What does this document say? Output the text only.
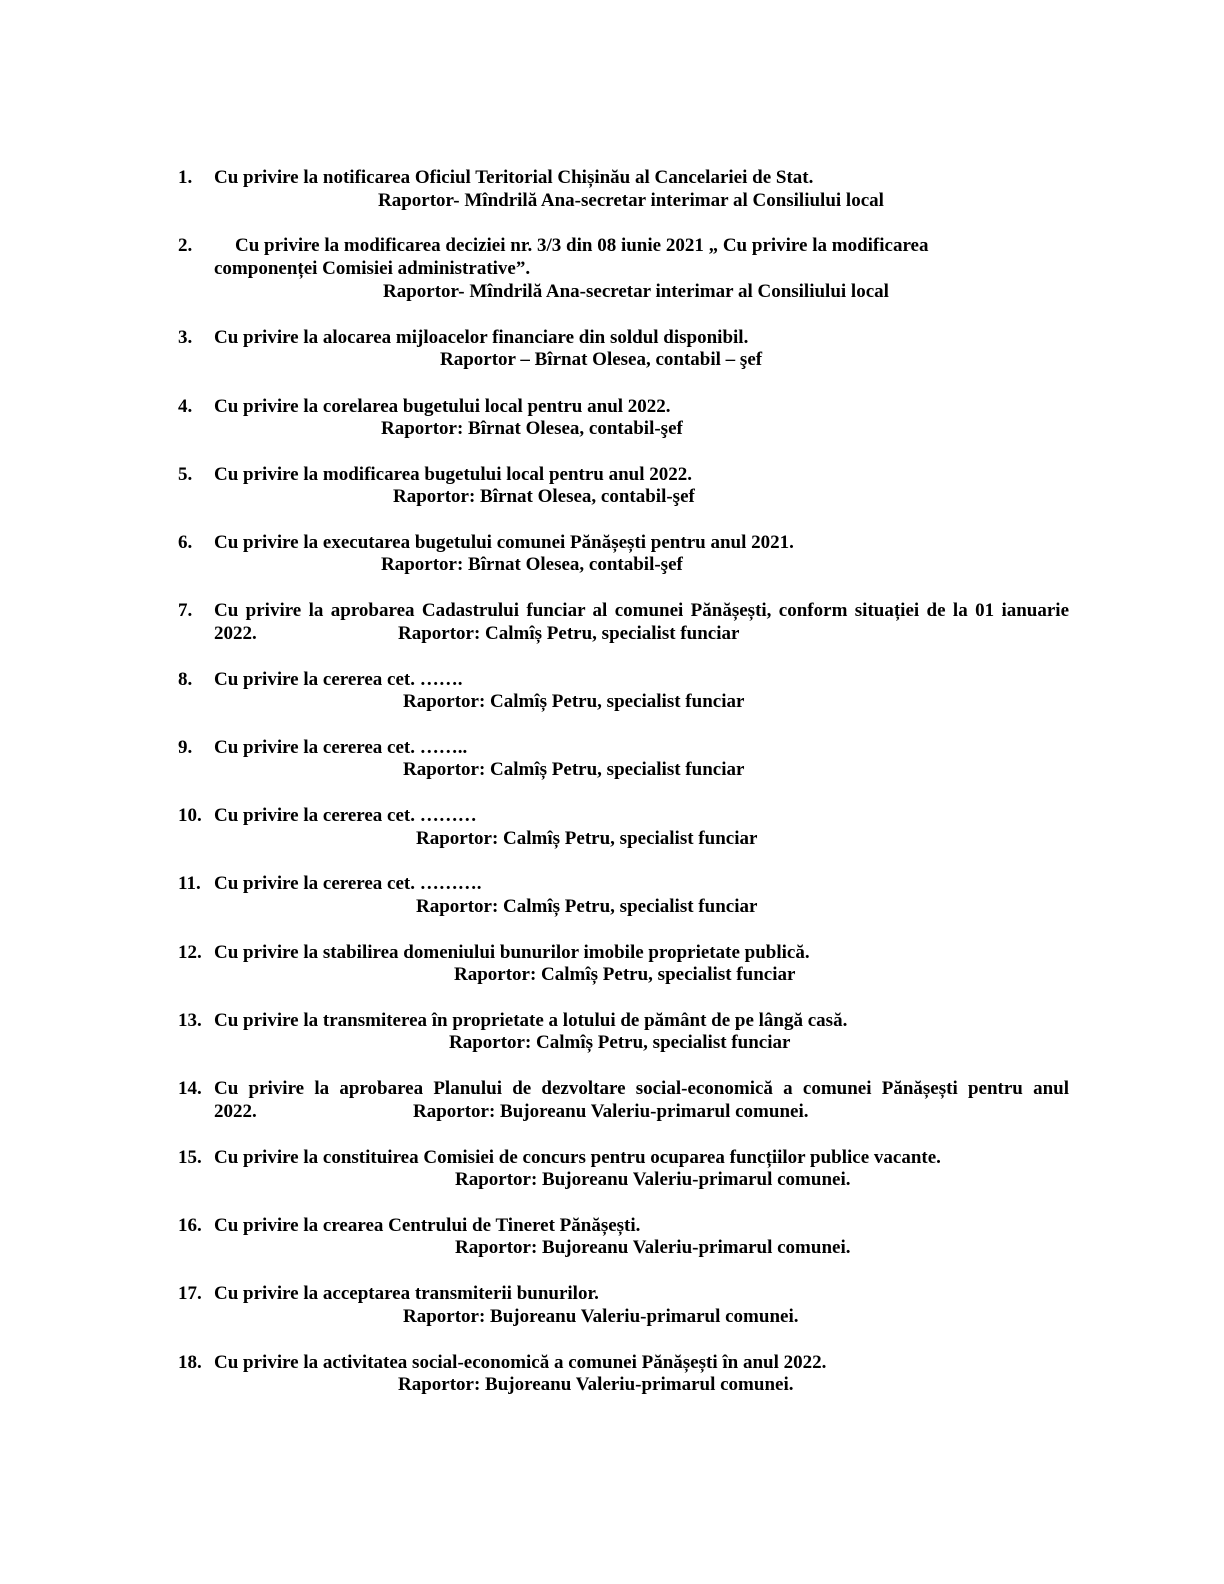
1. Cu privire la notificarea Oficiul Teritorial Chișinău al Cancelariei de Stat.
Raportor- Mîndrilă Ana-secretar interimar al Consiliului local
2. Cu privire la modificarea deciziei nr. 3/3 din 08 iunie 2021 „ Cu privire la modificarea
componenței Comisiei administrative”.
Raportor- Mîndrilă Ana-secretar interimar al Consiliului local
3. Cu privire la alocarea mijloacelor financiare din soldul disponibil.
Raportor – Bîrnat Olesea, contabil – şef
4. Cu privire la corelarea bugetului local pentru anul 2022.
Raportor: Bîrnat Olesea, contabil-şef
5. Cu privire la modificarea bugetului local pentru anul 2022.
Raportor: Bîrnat Olesea, contabil-şef
6. Cu privire la executarea bugetului comunei Pănășești pentru anul 2021.
Raportor: Bîrnat Olesea, contabil-şef
7. Cu privire la aprobarea Cadastrului funciar al comunei Pănășești, conform situației de la 01 ianuarie
2022.	Raportor: Calmîș Petru, specialist funciar
8. Cu privire la cererea cet. …….
Raportor: Calmîș Petru, specialist funciar
9. Cu privire la cererea cet. ……..
Raportor: Calmîș Petru, specialist funciar
10. Cu privire la cererea cet. ………
Raportor: Calmîș Petru, specialist funciar
11. Cu privire la cererea cet. ……….
Raportor: Calmîș Petru, specialist funciar
12. Cu privire la stabilirea domeniului bunurilor imobile proprietate publică.
Raportor: Calmîș Petru, specialist funciar
13. Cu privire la transmiterea în proprietate a lotului de pământ de pe lângă casă.
Raportor: Calmîș Petru, specialist funciar
14. Cu privire la aprobarea Planului de dezvoltare social-economică a comunei Pănășești pentru anul
2022.	Raportor: Bujoreanu Valeriu-primarul comunei.
15. Cu privire la constituirea Comisiei de concurs pentru ocuparea funcțiilor publice vacante.
Raportor: Bujoreanu Valeriu-primarul comunei.
16. Cu privire la crearea Centrului de Tineret Pănășești.
Raportor: Bujoreanu Valeriu-primarul comunei.
17. Cu privire la acceptarea transmiterii bunurilor.
Raportor: Bujoreanu Valeriu-primarul comunei.
18. Cu privire la activitatea social-economică a comunei Pănășești în anul 2022.
Raportor: Bujoreanu Valeriu-primarul comunei.
